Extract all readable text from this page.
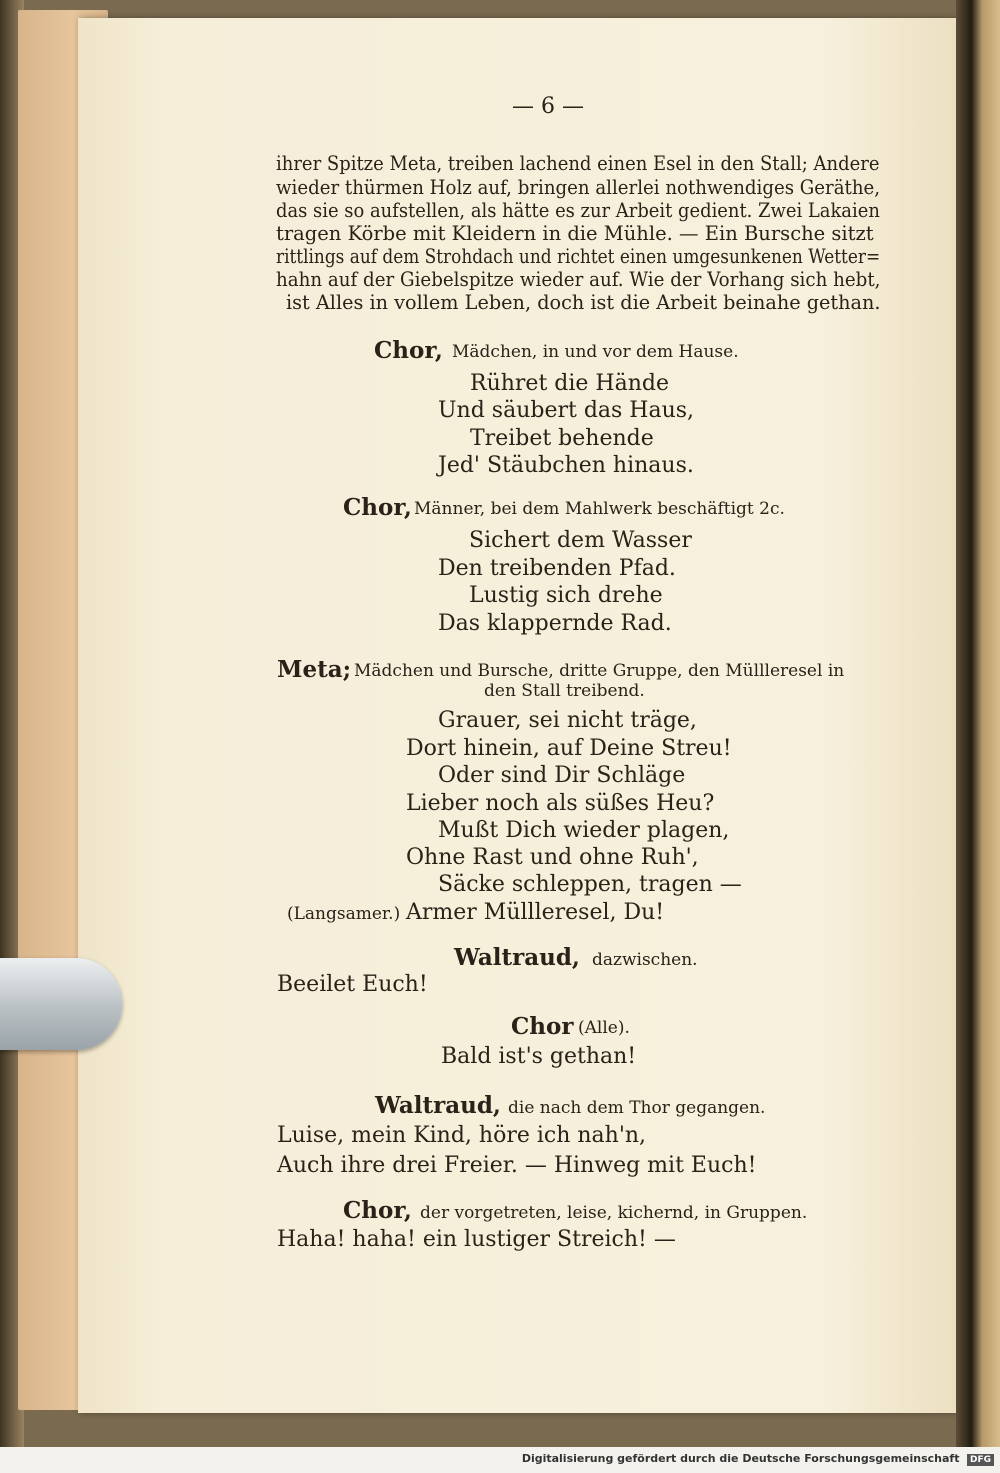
— 6 —
ihrer Spitze Meta, treiben lachend einen Esel in den Stall; Andere
wieder thürmen Holz auf, bringen allerlei nothwendiges Geräthe,
das sie so aufstellen, als hätte es zur Arbeit gedient. Zwei Lakaien
tragen Körbe mit Kleidern in die Mühle. — Ein Bursche sitzt
rittlings auf dem Strohdach und richtet einen umgesunkenen Wetter=
hahn auf der Giebelspitze wieder auf. Wie der Vorhang sich hebt,
ist Alles in vollem Leben, doch ist die Arbeit beinahe gethan.
Chor, Mädchen, in und vor dem Hause.
Rühret die Hände
Und säubert das Haus,
Treibet behende
Jed' Stäubchen hinaus.
Chor, Männer, bei dem Mahlwerk beschäftigt 2c.
Sichert dem Wasser
Den treibenden Pfad.
Lustig sich drehe
Das klappernde Rad.
Meta; Mädchen und Bursche, dritte Gruppe, den Müllleresel in
den Stall treibend.
Grauer, sei nicht träge,
Dort hinein, auf Deine Streu!
Oder sind Dir Schläge
Lieber noch als süßes Heu?
Mußt Dich wieder plagen,
Ohne Rast und ohne Ruh',
Säcke schleppen, tragen —
(Langsamer.) Armer Müllleresel, Du!
Waltraud, dazwischen.
Beeilet Euch!
Chor (Alle).
Bald ist's gethan!
Waltraud, die nach dem Thor gegangen.
Luise, mein Kind, höre ich nah'n,
Auch ihre drei Freier. — Hinweg mit Euch!
Chor, der vorgetreten, leise, kichernd, in Gruppen.
Haha! haha! ein lustiger Streich! —
Digitalisierung gefördert durch die Deutsche Forschungsgemeinschaft DFG
